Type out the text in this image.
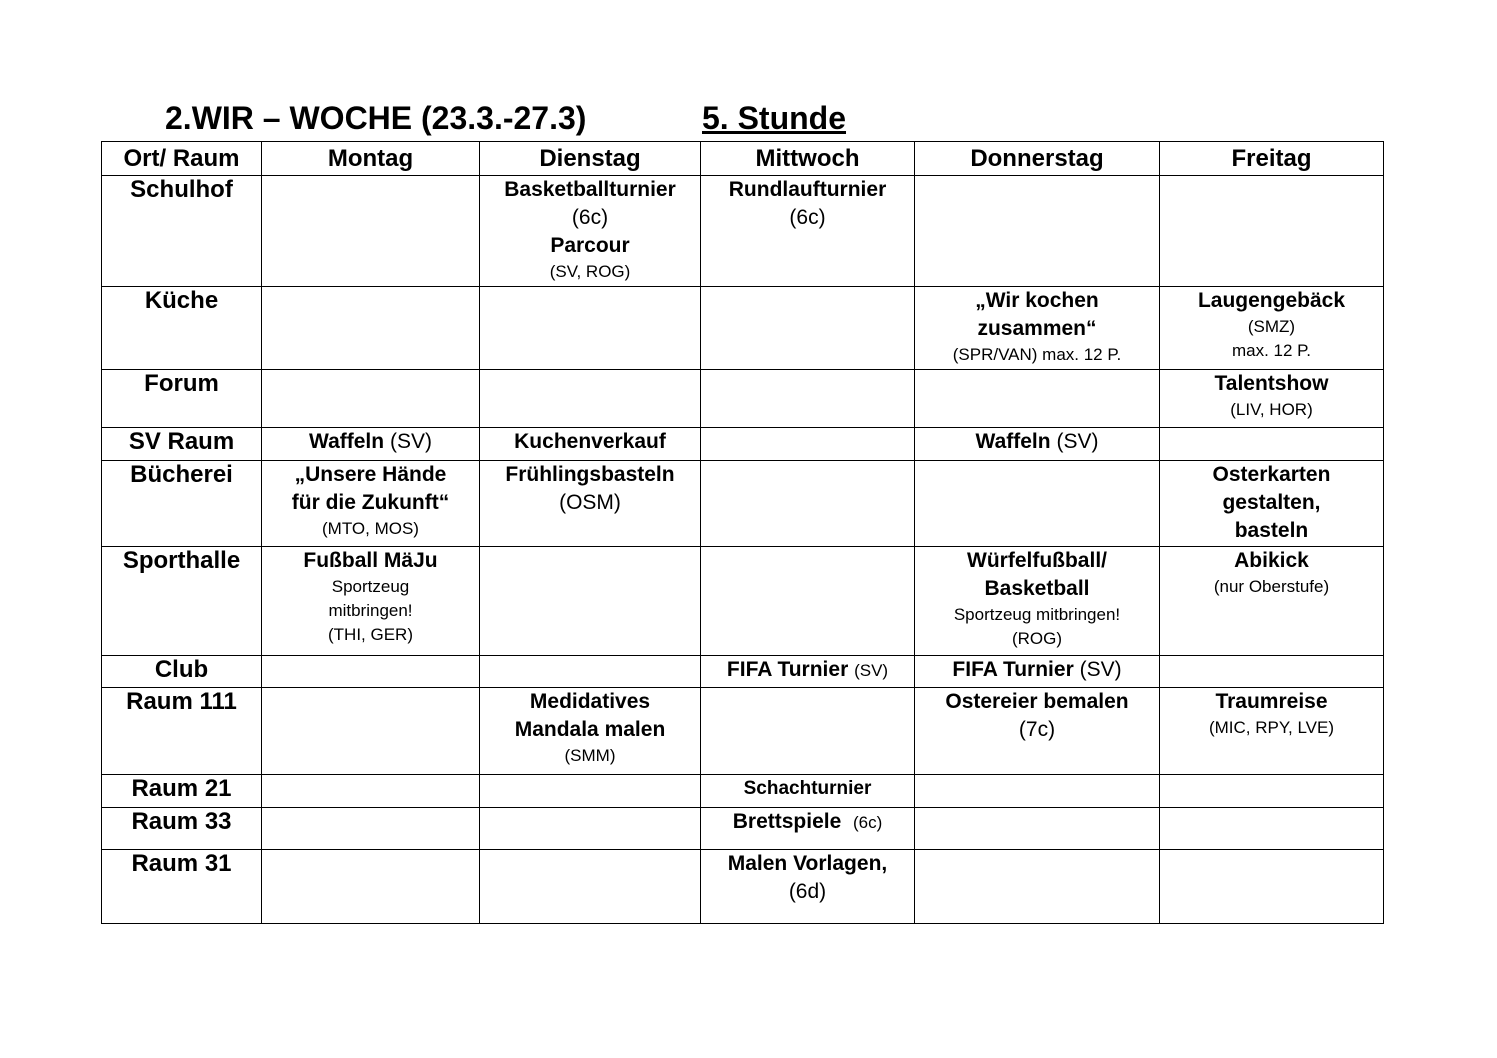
2.WIR – WOCHE (23.3.-27.3)	5. Stunde
Ort/ Raum	Montag	Dienstag	Mittwoch	Donnerstag	Freitag
Schulhof		Basketballturnier
(6c)
Parcour
(SV, ROG)	Rundlaufturnier
(6c)		

Küche				„Wir kochen
zusammen“
(SPR/VAN) max. 12 P.	Laugengebäck
(SMZ)
max. 12 P.

Forum					Talentshow
(LIV, HOR)

SV Raum	Waffeln (SV)	Kuchenverkauf		Waffeln (SV)	

Bücherei	„Unsere Hände
für die Zukunft“
(MTO, MOS)	Frühlingsbasteln
(OSM)			Osterkarten
gestalten,
basteln

Sporthalle	Fußball MäJu
Sportzeug
mitbringen!
(THI, GER)			Würfelfußball/
Basketball
Sportzeug mitbringen!
(ROG)	Abikick
(nur Oberstufe)

Club			FIFA Turnier (SV)	FIFA Turnier (SV)	

Raum 111		Medidatives
Mandala malen
(SMM)		Ostereier bemalen
(7c)	Traumreise
(MIC, RPY, LVE)

Raum 21			Schachturnier		

Raum 33			Brettspiele (6c)		

Raum 31			Malen Vorlagen,
(6d)		
